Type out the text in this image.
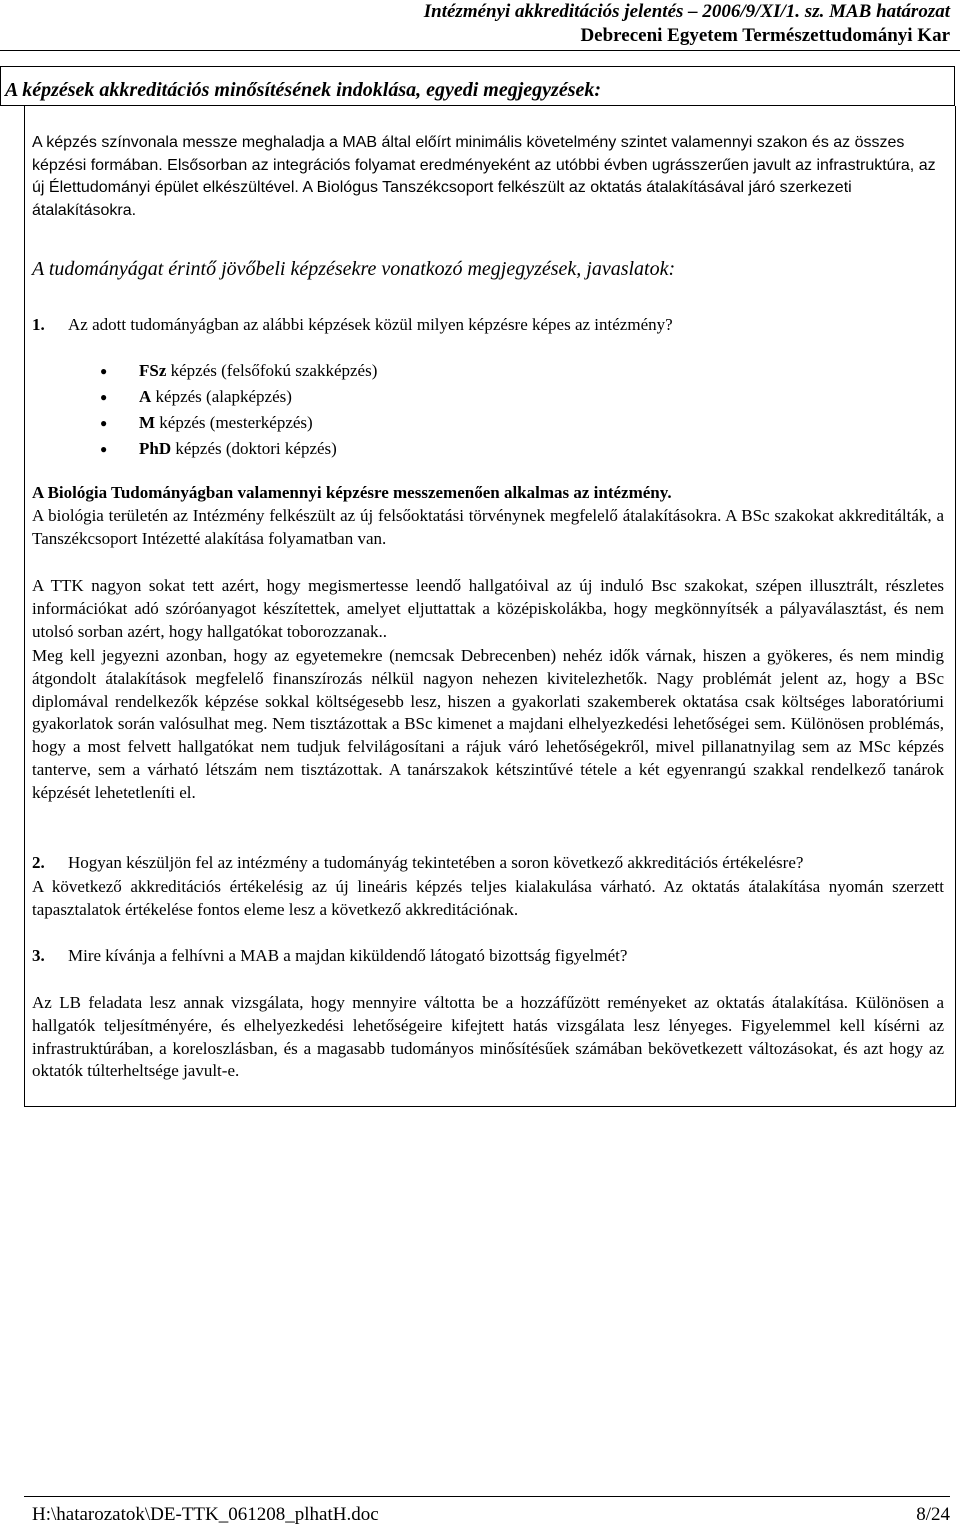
Intézményi akkreditációs jelentés – 2006/9/XI/1. sz. MAB határozat
Debreceni Egyetem Természettudományi Kar
A képzések akkreditációs minősítésének indoklása, egyedi megjegyzések:
A képzés színvonala messze meghaladja a MAB által előírt minimális követelmény szintet valamennyi szakon és az összes képzési formában. Elsősorban az integrációs folyamat eredményeként az utóbbi évben ugrásszerűen javult az infrastruktúra, az új Élettudományi épület elkészültével. A Biológus Tanszékcsoport felkészült az oktatás átalakításával járó szerkezeti átalakításokra.
A tudományágat érintő jövőbeli képzésekre vonatkozó megjegyzések, javaslatok:
1. Az adott tudományágban az alábbi képzések közül milyen képzésre képes az intézmény?
● FSz képzés (felsőfokú szakképzés)
● A képzés (alapképzés)
● M képzés (mesterképzés)
● PhD képzés (doktori képzés)
A Biológia Tudományágban valamennyi képzésre messzemenően alkalmas az intézmény.
A biológia területén az Intézmény felkészült az új felsőoktatási törvénynek megfelelő átalakításokra. A BSc szakokat akkreditálták, a Tanszékcsoport Intézetté alakítása folyamatban van.
A TTK nagyon sokat tett azért, hogy megismertesse leendő hallgatóival az új induló Bsc szakokat, szépen illusztrált, részletes információkat adó szóróanyagot készítettek, amelyet eljuttattak a középiskolákba, hogy megkönnyítsék a pályaválasztást, és nem utolsó sorban azért, hogy hallgatókat toborozzanak..
Meg kell jegyezni azonban, hogy az egyetemekre (nemcsak Debrecenben) nehéz idők várnak, hiszen a gyökeres, és nem mindig átgondolt átalakítások megfelelő finanszírozás nélkül nagyon nehezen kivitelezhetők. Nagy problémát jelent az, hogy a BSc diplomával rendelkezők képzése sokkal költségesebb lesz, hiszen a gyakorlati szakemberek oktatása csak költséges laboratóriumi gyakorlatok során valósulhat meg. Nem tisztázottak a BSc kimenet a majdani elhelyezkedési lehetőségei sem. Különösen problémás, hogy a most felvett hallgatókat nem tudjuk felvilágosítani a rájuk váró lehetőségekről, mivel pillanatnyilag sem az MSc képzés tanterve, sem a várható létszám nem tisztázottak. A tanárszakok kétszintűvé tétele a két egyenrangú szakkal rendelkező tanárok képzését lehetetleníti el.
2. Hogyan készüljön fel az intézmény a tudományág tekintetében a soron következő akkreditációs értékelésre?
A következő akkreditációs értékelésig az új lineáris képzés teljes kialakulása várható. Az oktatás átalakítása nyomán szerzett tapasztalatok értékelése fontos eleme lesz a következő akkreditációnak.
3. Mire kívánja a felhívni a MAB a majdan kiküldendő látogató bizottság figyelmét?
Az LB feladata lesz annak vizsgálata, hogy mennyire váltotta be a hozzáfűzött reményeket az oktatás átalakítása. Különösen a hallgatók teljesítményére, és elhelyezkedési lehetőségeire kifejtett hatás vizsgálata lesz lényeges. Figyelemmel kell kísérni az infrastruktúrában, a koreloszlásban, és a magasabb tudományos minősítésűek számában bekövetkezett változásokat, és azt hogy az oktatók túlterheltsége javult-e.
H:\hatarozatok\DE-TTK_061208_plhatH.doc	8/24
